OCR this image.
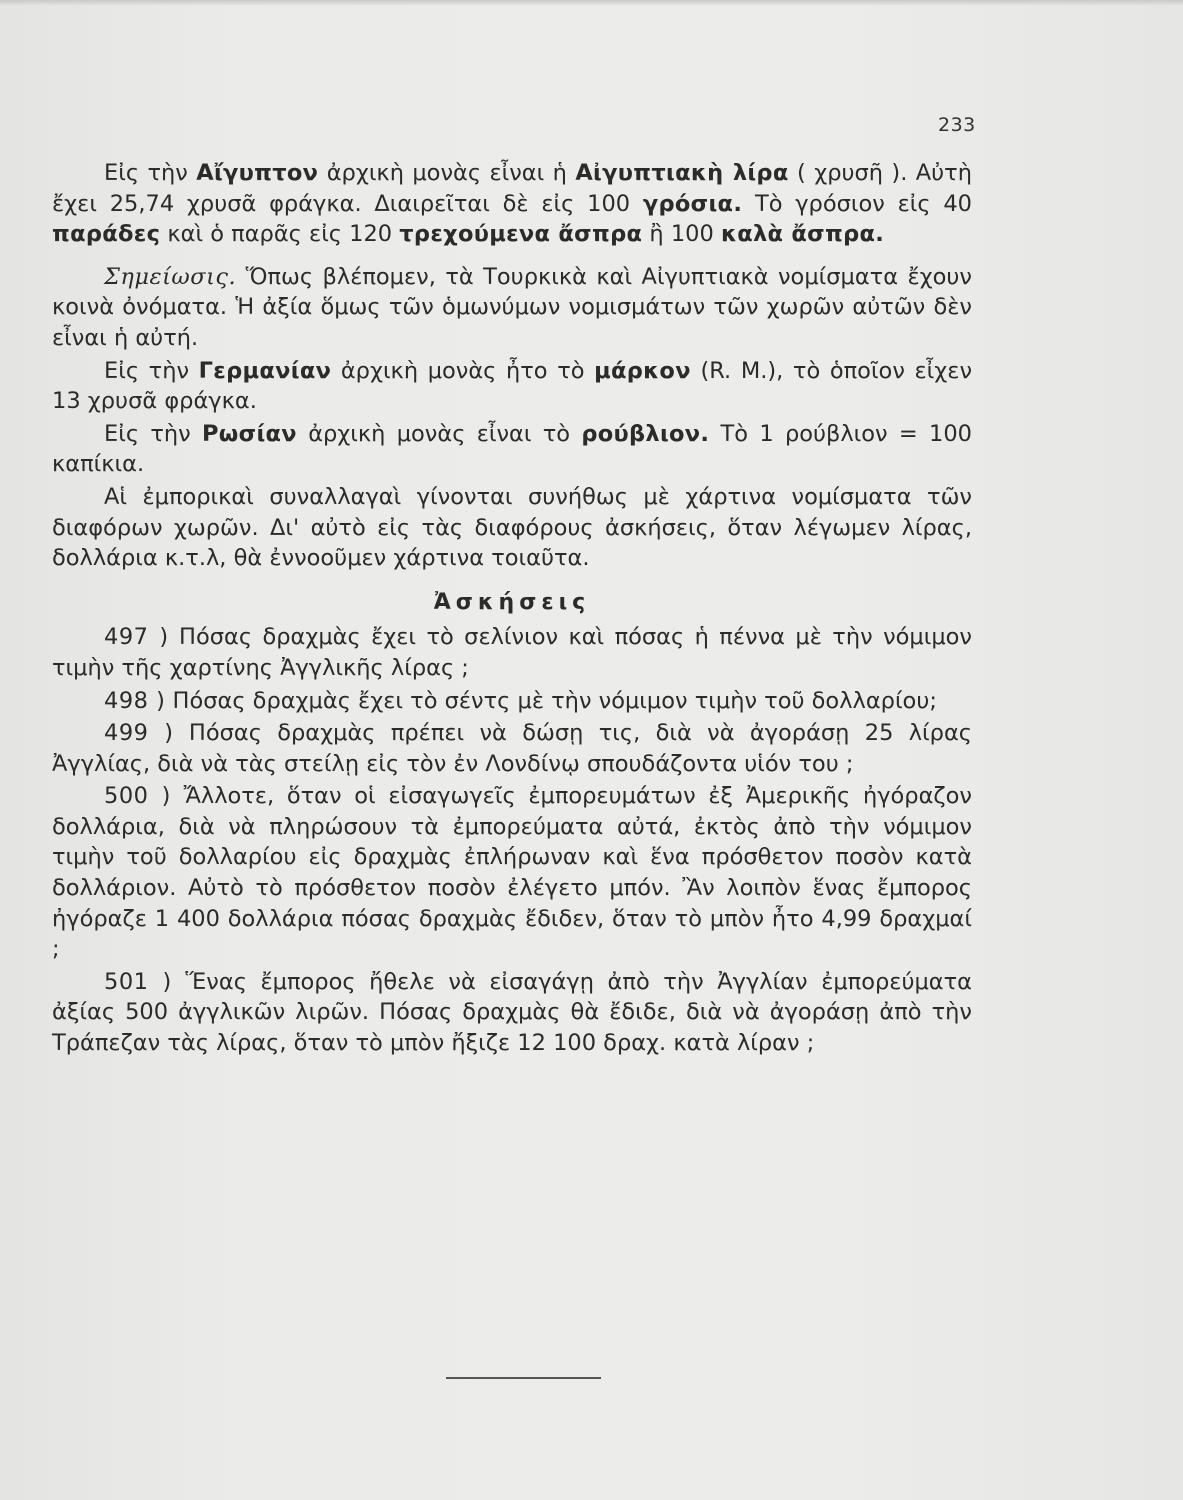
233

Εἰς τὴν Αἴγυπτον ἀρχικὴ μονὰς εἶναι ἡ Αἰγυπτιακὴ λίρα ( χρυσῆ ). Αὐτὴ ἔχει 25,74 χρυσᾶ φράγκα. Διαιρεῖται δὲ εἰς 100 γρόσια. Τὸ γρόσιον εἰς 40 παράδες καὶ ὁ παρᾶς εἰς 120 τρεχούμενα ἄσπρα ἢ 100 καλὰ ἄσπρα.

Σημείωσις. Ὅπως βλέπομεν, τὰ Τουρκικὰ καὶ Αἰγυπτιακὰ νομίσματα ἔχουν κοινὰ ὀνόματα. Ἡ ἀξία ὅμως τῶν ὁμωνύμων νομισμάτων τῶν χωρῶν αὐτῶν δὲν εἶναι ἡ αὐτή.

Εἰς τὴν Γερμανίαν ἀρχικὴ μονὰς ἦτο τὸ μάρκον (R. M.), τὸ ὁποῖον εἶχεν 13 χρυσᾶ φράγκα.

Εἰς τὴν Ρωσίαν ἀρχικὴ μονὰς εἶναι τὸ ρούβλιον. Τὸ 1 ρούβλιον = 100 καπίκια.

Αἱ ἐμπορικαὶ συναλλαγαὶ γίνονται συνήθως μὲ χάρτινα νομίσματα τῶν διαφόρων χωρῶν. Δι' αὐτὸ εἰς τὰς διαφόρους ἀσκήσεις, ὅταν λέγωμεν λίρας, δολλάρια κ.τ.λ, θὰ ἐννοοῦμεν χάρτινα τοιαῦτα.

Ἀσκήσεις

497 ) Πόσας δραχμὰς ἔχει τὸ σελίνιον καὶ πόσας ἡ πέννα μὲ τὴν νόμιμον τιμὴν τῆς χαρτίνης Ἀγγλικῆς λίρας ;

498 ) Πόσας δραχμὰς ἔχει τὸ σέντς μὲ τὴν νόμιμον τιμὴν τοῦ δολλαρίου;

499 ) Πόσας δραχμὰς πρέπει νὰ δώσῃ τις, διὰ νὰ ἀγοράσῃ 25 λίρας Ἀγγλίας, διὰ νὰ τὰς στείλῃ εἰς τὸν ἐν Λονδίνῳ σπουδάζοντα υἱόν του ;

500 ) Ἄλλοτε, ὅταν οἱ εἰσαγωγεῖς ἐμπορευμάτων ἐξ Ἀμερικῆς ἠγόραζον δολλάρια, διὰ νὰ πληρώσουν τὰ ἐμπορεύματα αὐτά, ἐκτὸς ἀπὸ τὴν νόμιμον τιμὴν τοῦ δολλαρίου εἰς δραχμὰς ἐπλήρωναν καὶ ἕνα πρόσθετον ποσὸν κατὰ δολλάριον. Αὐτὸ τὸ πρόσθετον ποσὸν ἐλέγετο μπόν. Ἂν λοιπὸν ἕνας ἔμπορος ἠγόραζε 1 400 δολλάρια πόσας δραχμὰς ἔδιδεν, ὅταν τὸ μπὸν ἦτο 4,99 δραχμαί ;

501 ) Ἕνας ἔμπορος ἤθελε νὰ εἰσαγάγῃ ἀπὸ τὴν Ἀγγλίαν ἐμπορεύματα ἀξίας 500 ἀγγλικῶν λιρῶν. Πόσας δραχμὰς θὰ ἔδιδε, διὰ νὰ ἀγοράσῃ ἀπὸ τὴν Τράπεζαν τὰς λίρας, ὅταν τὸ μπὸν ἤξιζε 12 100 δραχ. κατὰ λίραν ;
